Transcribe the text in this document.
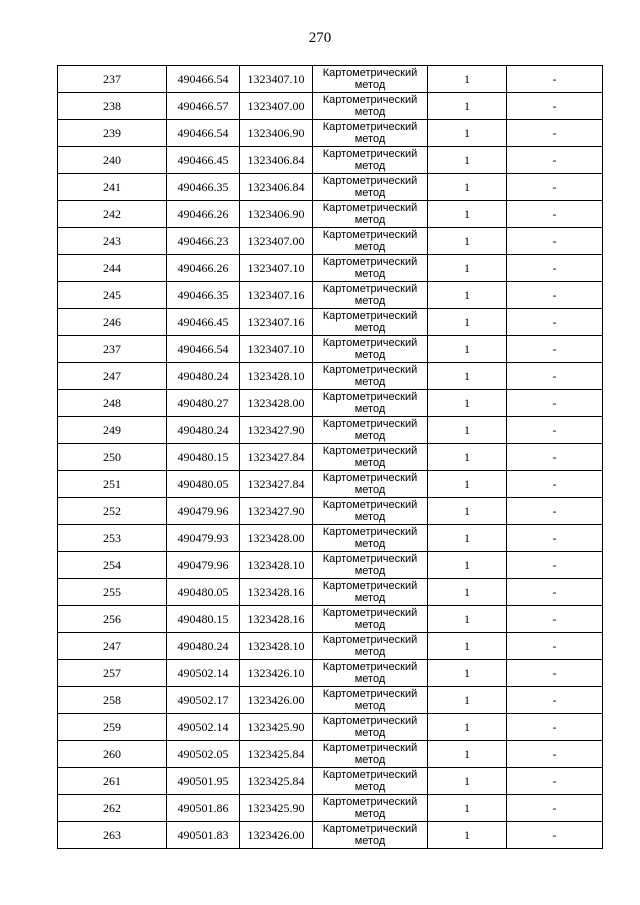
270
237	490466.54	1323407.10	Картометрический метод	1	-
238	490466.57	1323407.00	Картометрический метод	1	-
239	490466.54	1323406.90	Картометрический метод	1	-
240	490466.45	1323406.84	Картометрический метод	1	-
241	490466.35	1323406.84	Картометрический метод	1	-
242	490466.26	1323406.90	Картометрический метод	1	-
243	490466.23	1323407.00	Картометрический метод	1	-
244	490466.26	1323407.10	Картометрический метод	1	-
245	490466.35	1323407.16	Картометрический метод	1	-
246	490466.45	1323407.16	Картометрический метод	1	-
237	490466.54	1323407.10	Картометрический метод	1	-
247	490480.24	1323428.10	Картометрический метод	1	-
248	490480.27	1323428.00	Картометрический метод	1	-
249	490480.24	1323427.90	Картометрический метод	1	-
250	490480.15	1323427.84	Картометрический метод	1	-
251	490480.05	1323427.84	Картометрический метод	1	-
252	490479.96	1323427.90	Картометрический метод	1	-
253	490479.93	1323428.00	Картометрический метод	1	-
254	490479.96	1323428.10	Картометрический метод	1	-
255	490480.05	1323428.16	Картометрический метод	1	-
256	490480.15	1323428.16	Картометрический метод	1	-
247	490480.24	1323428.10	Картометрический метод	1	-
257	490502.14	1323426.10	Картометрический метод	1	-
258	490502.17	1323426.00	Картометрический метод	1	-
259	490502.14	1323425.90	Картометрический метод	1	-
260	490502.05	1323425.84	Картометрический метод	1	-
261	490501.95	1323425.84	Картометрический метод	1	-
262	490501.86	1323425.90	Картометрический метод	1	-
263	490501.83	1323426.00	Картометрический метод	1	-
